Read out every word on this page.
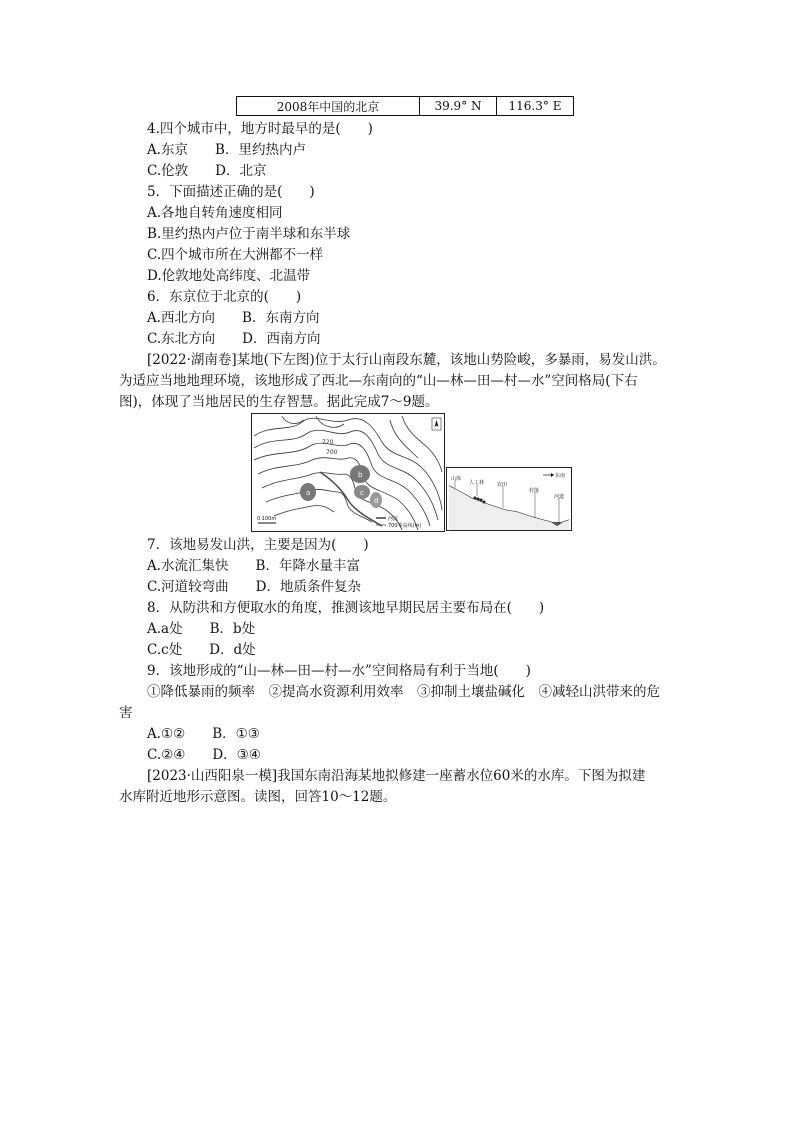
2008年中国的北京	39.9° N	116.3° E
4.四个城市中，地方时最早的是(　　)
A.东京　　B．里约热内卢
C.伦敦　　D．北京
5．下面描述正确的是(　　)
A.各地自转角速度相同
B.里约热内卢位于南半球和东半球
C.四个城市所在大洲都不一样
D.伦敦地处高纬度、北温带
6．东京位于北京的(　　)
A.西北方向　　B．东南方向
C.东北方向　　D．西南方向
[2022·湖南卷]某地(下左图)位于太行山南段东麓，该地山势险峻，多暴雨，易发山洪。
为适应当地地理环境，该地形成了西北—东南向的“山—林—田—村—水”空间格局(下右
图)，体现了当地居民的生存智慧。据此完成7～9题。
b
c
a
d
720
700
0 100m	河流
700等高线(m)
东南
山体
人工林	农田
村落
河道
7．该地易发山洪，主要是因为(　　)
A.水流汇集快　　B．年降水量丰富
C.河道较弯曲　　D．地质条件复杂
8．从防洪和方便取水的角度，推测该地早期民居主要布局在(　　)
A.a处　　B．b处
C.c处　　D．d处
9．该地形成的“山—林—田—村—水”空间格局有利于当地(　　)
①降低暴雨的频率　②提高水资源利用效率　③抑制土壤盐碱化　④减轻山洪带来的危
害
A.①②　　B．①③
C.②④　　D．③④
[2023·山西阳泉一模]我国东南沿海某地拟修建一座蓄水位60米的水库。下图为拟建
水库附近地形示意图。读图，回答10～12题。
